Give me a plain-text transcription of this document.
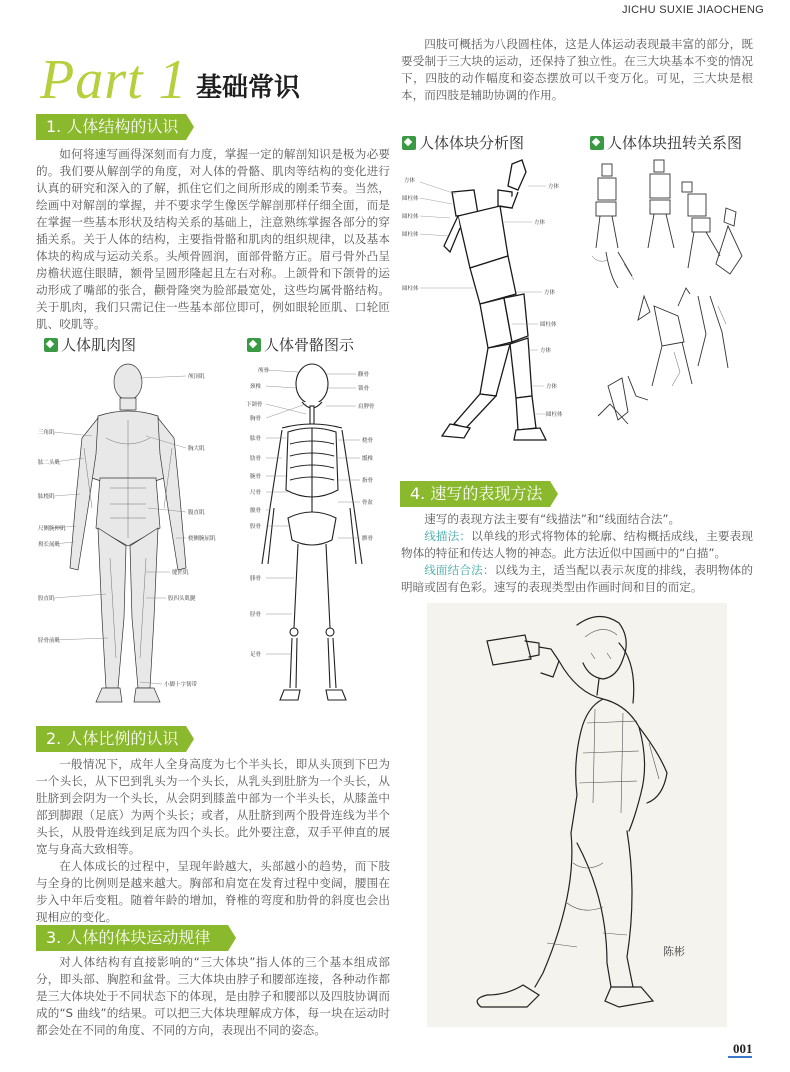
JICHU SUXIE JIAOCHENG
Part 1 基础常识

四肢可概括为八段圆柱体，这是人体运动表现最丰富的部分，既要受制于三大块的运动，还保持了独立性。在三大块基本不变的情况下，四肢的动作幅度和姿态摆放可以千变万化。可见，三大块是根本，而四肢是辅助协调的作用。

1. 人体结构的认识

如何将速写画得深刻而有力度，掌握一定的解剖知识是极为必要的。我们要从解剖学的角度，对人体的骨骼、肌肉等结构的变化进行认真的研究和深入的了解，抓住它们之间所形成的刚柔节奏。当然，绘画中对解剖的掌握，并不要求学生像医学解剖那样仔细全面，而是在掌握一些基本形状及结构关系的基础上，注意熟练掌握各部分的穿插关系。关于人体的结构，主要指骨骼和肌肉的组织规律，以及基本体块的构成与运动关系。头颅骨圆润，面部骨骼方正。眉弓骨外凸呈房檐状遮住眼睛，额骨呈圆形隆起且左右对称。上颌骨和下颌骨的运动形成了嘴部的张合，颧骨隆突为脸部最宽处，这些均属骨骼结构。关于肌肉，我们只需记住一些基本部位即可，例如眼轮匝肌、口轮匝肌、咬肌等。

人体肌肉图	人体骨骼图示
颅顶肌
三角肌
胸大肌
肱二头肌
肱桡肌
腹直肌
桡侧腕屈肌
尺侧腕伸肌
拇长展肌
缝匠肌
股四头肌腱
股直肌
胫骨前肌
小脚十字韧带
颅骨
颧骨
颈椎	锁骨
下颌骨	肩胛骨
胸骨
肱骨	桡骨
肋骨	骶椎
腕骨
指骨
尺骨
骨盆
髋骨
股骨
髌骨
腓骨
胫骨
足骨
2. 人体比例的认识

一般情况下，成年人全身高度为七个半头长，即从头顶到下巴为一个头长，从下巴到乳头为一个头长，从乳头到肚脐为一个头长，从肚脐到会阴为一个头长，从会阴到膝盖中部为一个半头长，从膝盖中部到脚跟（足底）为两个头长；或者，从肚脐到两个股骨连线为半个头长，从股骨连线到足底为四个头长。此外要注意，双手平伸直的展宽与身高大致相等。

在人体成长的过程中，呈现年龄越大，头部越小的趋势，而下肢与全身的比例则是越来越大。胸部和肩宽在发育过程中变阔，腰围在步入中年后变粗。随着年龄的增加，脊椎的弯度和肋骨的斜度也会出现相应的变化。

3. 人体的体块运动规律

对人体结构有直接影响的“三大体块”指人体的三个基本组成部分，即头部、胸腔和盆骨。三大体块由脖子和腰部连接，各种动作都是三大体块处于不同状态下的体现，是由脖子和腰部以及四肢协调而成的“S 曲线”的结果。可以把三大体块理解成方体，每一块在运动时都会处在不同的角度、不同的方向，表现出不同的姿态。

人体体块分析图	人体体块扭转关系图
方体
圆柱体
方体
圆柱体
圆柱体
方体
圆柱体
方体
圆柱体
方体
方体
圆柱体
4. 速写的表现方法

速写的表现方法主要有“线描法”和“线面结合法”。

线描法：以单线的形式将物体的轮廓、结构概括成线，主要表现物体的特征和传达人物的神态。此方法近似中国画中的“白描”。

线面结合法：以线为主，适当配以表示灰度的排线，表明物体的明暗或固有色彩。速写的表现类型由作画时间和目的而定。

陈彬
001
